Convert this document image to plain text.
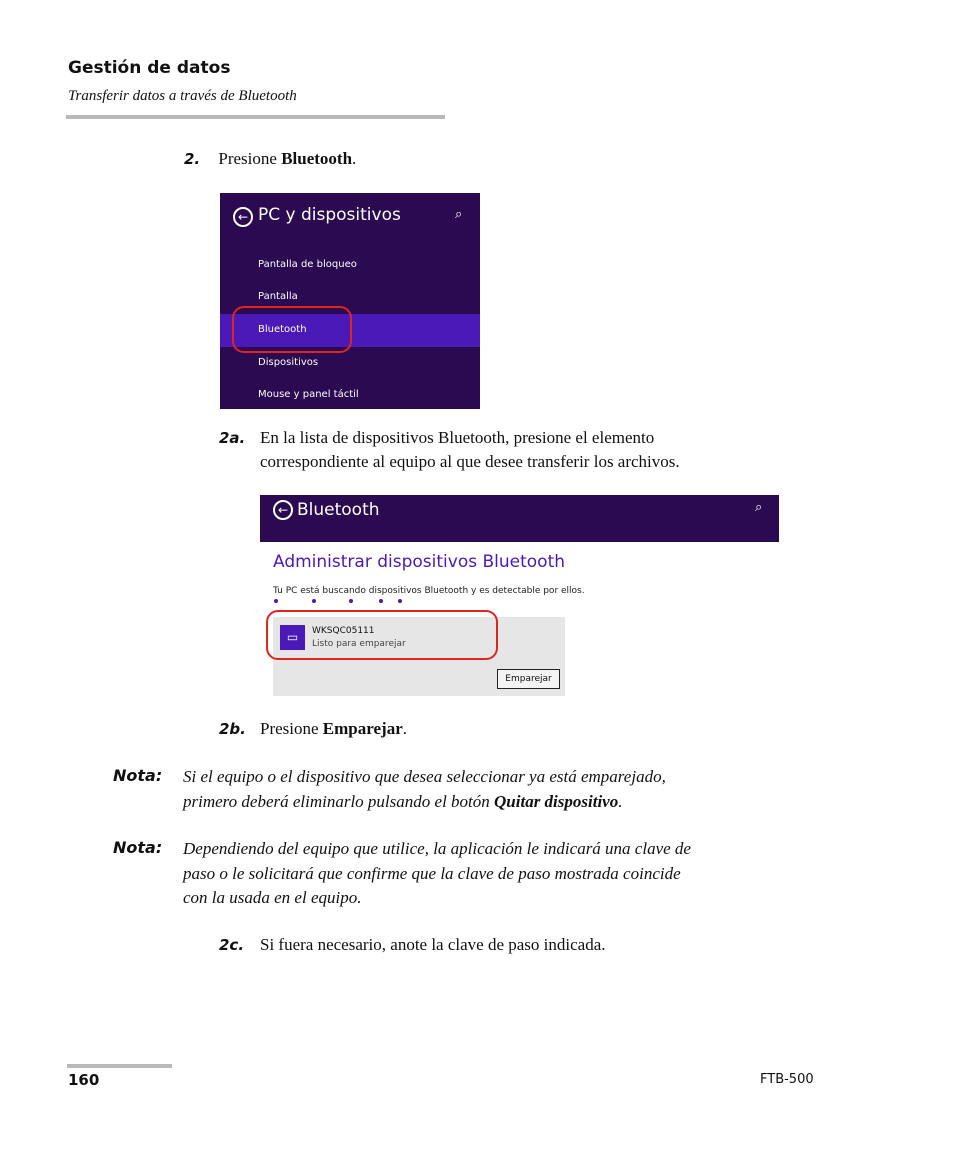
Gestión de datos
Transferir datos a través de Bluetooth
2. Presione Bluetooth.
← PC y dispositivos	⌕
Pantalla de bloqueo
Pantalla
Bluetooth
Dispositivos
Mouse y panel táctil
2a. En la lista de dispositivos Bluetooth, presione el elemento
correspondiente al equipo al que desee transferir los archivos.
← Bluetooth	⌕
Administrar dispositivos Bluetooth
Tu PC está buscando dispositivos Bluetooth y es detectable por ellos.
▭	WKSQC05111
Listo para emparejar
Emparejar
2b. Presione Emparejar.
Nota: Si el equipo o el dispositivo que desea seleccionar ya está emparejado,
primero deberá eliminarlo pulsando el botón Quitar dispositivo.
Nota: Dependiendo del equipo que utilice, la aplicación le indicará una clave de
paso o le solicitará que confirme que la clave de paso mostrada coincide
con la usada en el equipo.
2c. Si fuera necesario, anote la clave de paso indicada.
160	FTB-500
